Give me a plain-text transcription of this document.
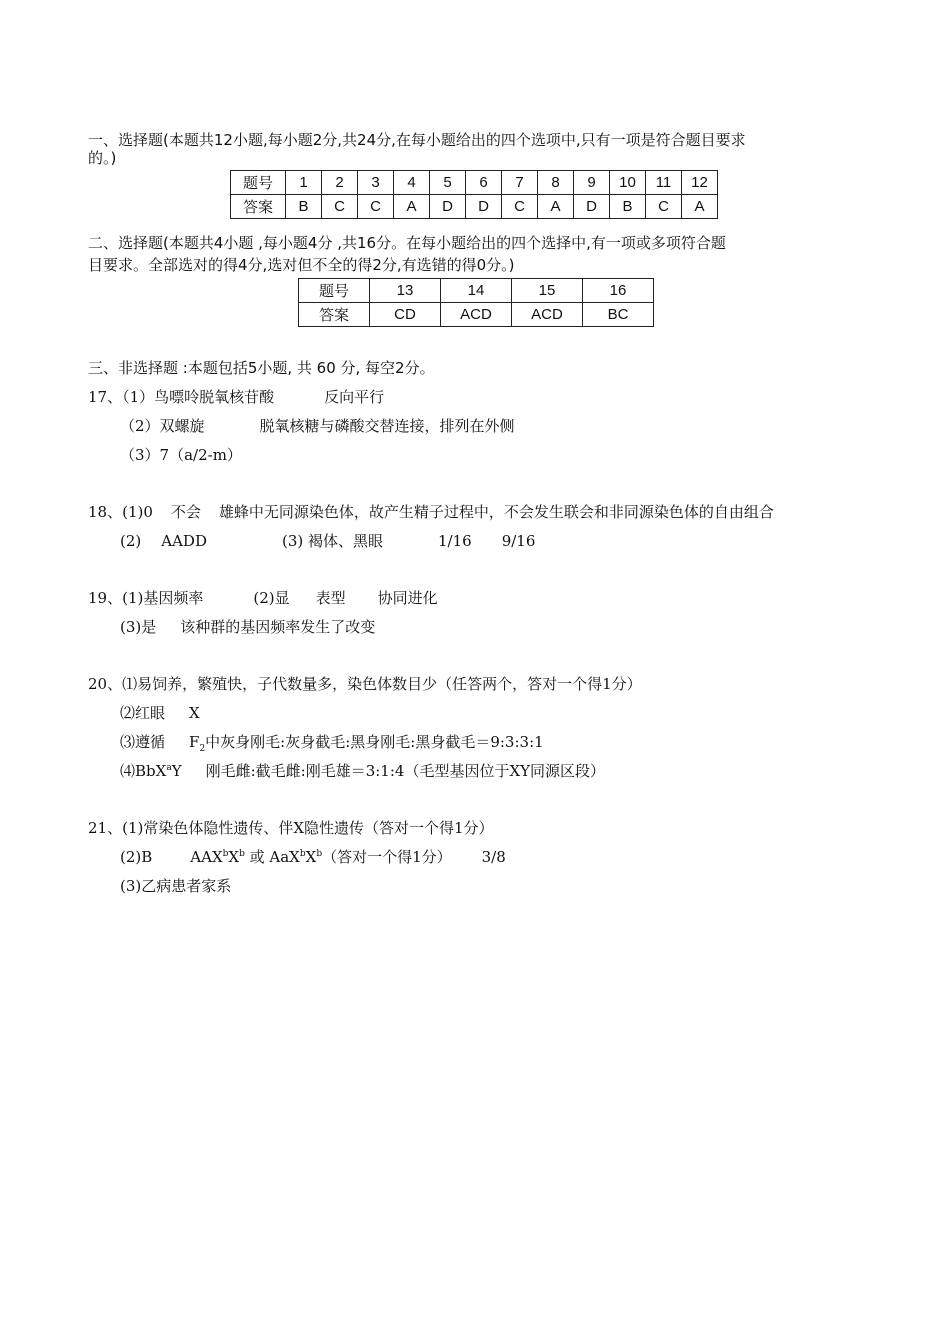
一、选择题(本题共12小题,每小题2分,共24分,在每小题给出的四个选项中,只有一项是符合题目要求
的。)
题号	1	2	3	4	5	6	7	8	9	10	11	12
答案	B	C	C	A	D	D	C	A	D	B	C	A
二、选择题(本题共4小题 ,每小题4分 ,共16分。在每小题给出的四个选择中,有一项或多项符合题
目要求。全部选对的得4分,选对但不全的得2分,有选错的得0分。)
题号	13	14	15	16
答案	CD	ACD	ACD	BC
三、非选择题 :本题包括5小题, 共 60 分, 每空2分。
17、（1）鸟嘌呤脱氧核苷酸	反向平行
（2）双螺旋	脱氧核糖与磷酸交替连接，排列在外侧
（3）7（a/2-m）
18、(1)0 不会 雄蜂中无同源染色体，故产生精子过程中，不会发生联会和非同源染色体的自由组合
(2) AADD	(3) 褐体、黑眼	1/16 9/16
19、(1)基因频率	(2)显 表型 协同进化
(3)是 该种群的基因频率发生了改变
20、⑴易饲养，繁殖快，子代数量多，染色体数目少（任答两个，答对一个得1分）
⑵红眼 X
⑶遵循 $F_2$中灰身刚毛:灰身截毛:黑身刚毛:黑身截毛＝9:3:3:1
⑷BbX$^a$Y 刚毛雌:截毛雌:刚毛雄＝3:1:4（毛型基因位于XY同源区段）
21、(1)常染色体隐性遗传、伴X隐性遗传（答对一个得1分）
(2)B	$AAX^bX^b$ 或 $AaX^bX^b$（答对一个得1分） 3/8
(3)乙病患者家系
